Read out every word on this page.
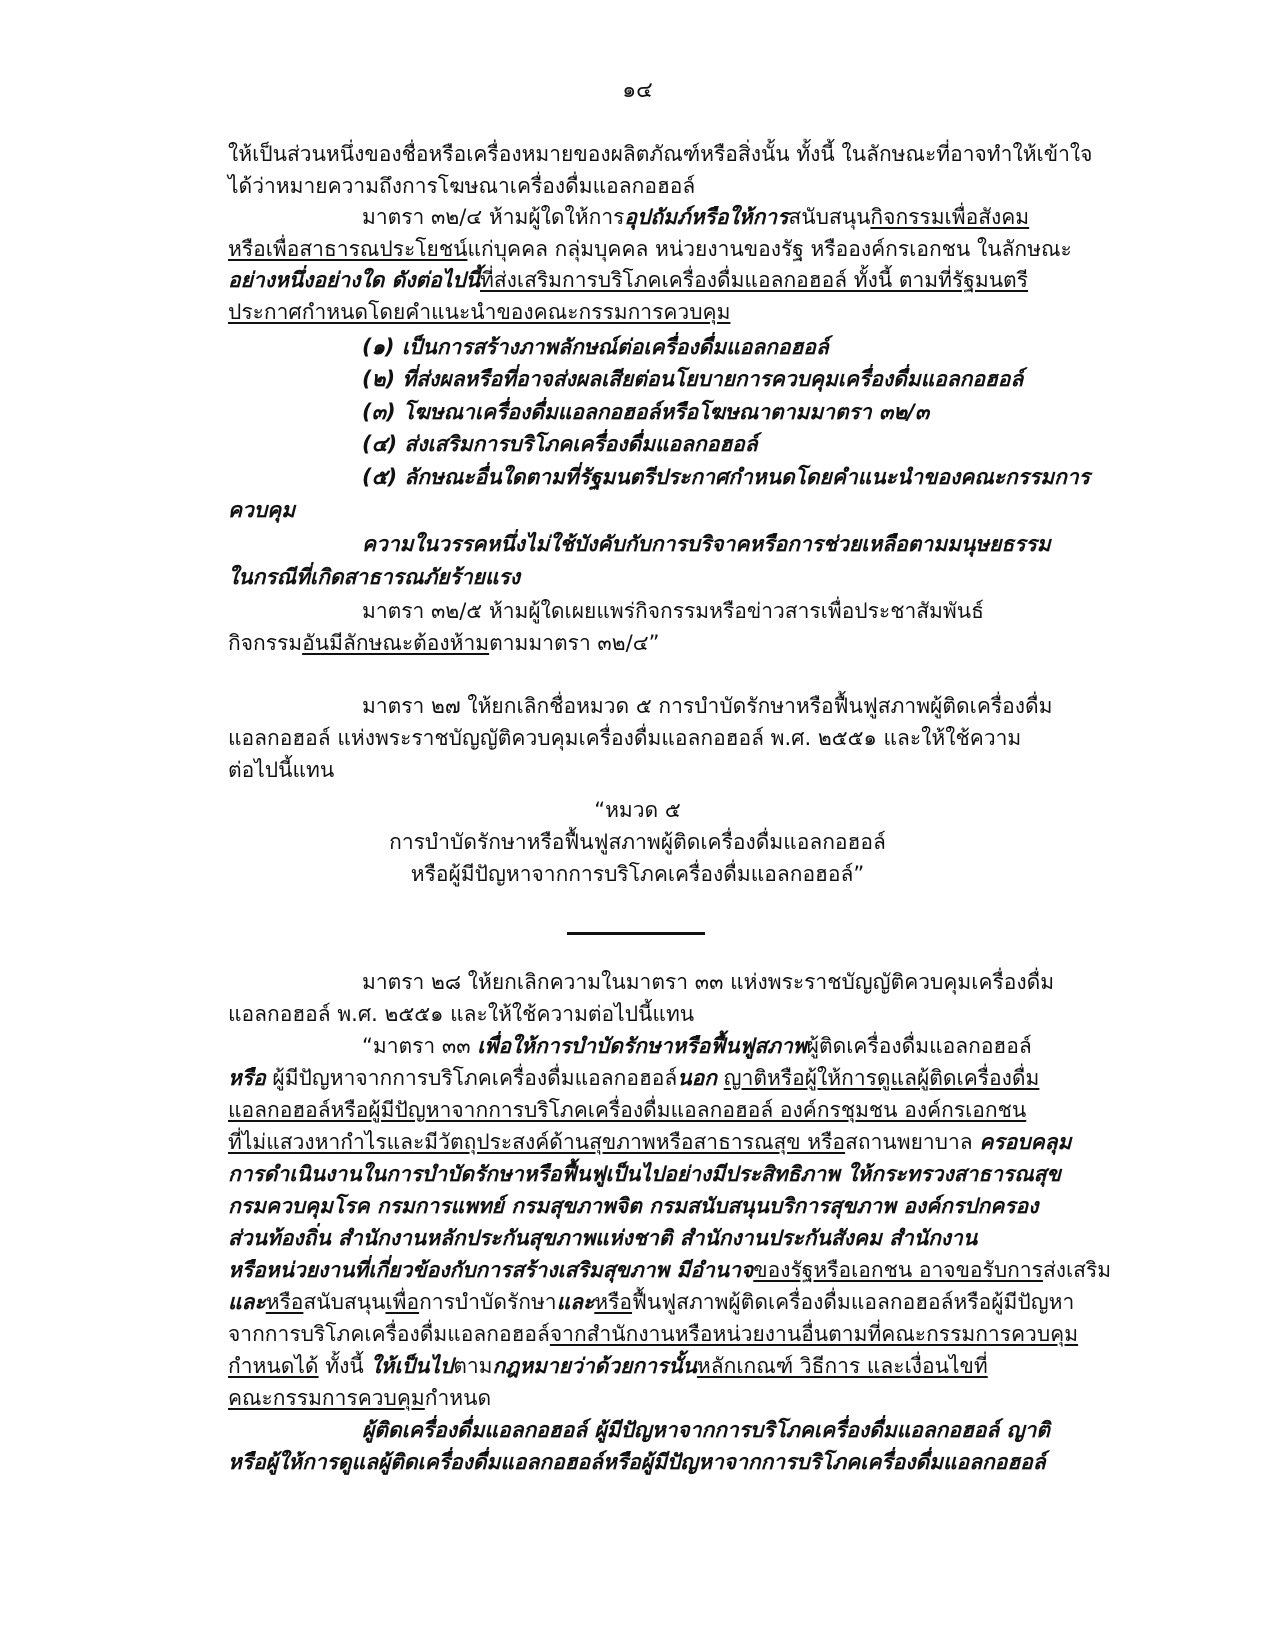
๑๔
ให้เป็นส่วนหนึ่งของชื่อหรือเครื่องหมายของผลิตภัณฑ์หรือสิ่งนั้น ทั้งนี้ ในลักษณะที่อาจทำให้เข้าใจ
ได้ว่าหมายความถึงการโฆษณาเครื่องดื่มแอลกอฮอล์
มาตรา ๓๒/๔ ห้ามผู้ใดให้การอุปถัมภ์หรือให้การสนับสนุนกิจกรรมเพื่อสังคม
หรือเพื่อสาธารณประโยชน์แก่บุคคล กลุ่มบุคคล หน่วยงานของรัฐ หรือองค์กรเอกชน ในลักษณะ
อย่างหนึ่งอย่างใด ดังต่อไปนี้ที่ส่งเสริมการบริโภคเครื่องดื่มแอลกอฮอล์ ทั้งนี้ ตามที่รัฐมนตรี
ประกาศกำหนดโดยคำแนะนำของคณะกรรมการควบคุม
(๑) เป็นการสร้างภาพลักษณ์ต่อเครื่องดื่มแอลกอฮอล์
(๒) ที่ส่งผลหรือที่อาจส่งผลเสียต่อนโยบายการควบคุมเครื่องดื่มแอลกอฮอล์
(๓) โฆษณาเครื่องดื่มแอลกอฮอล์หรือโฆษณาตามมาตรา ๓๒/๓
(๔) ส่งเสริมการบริโภคเครื่องดื่มแอลกอฮอล์
(๕) ลักษณะอื่นใดตามที่รัฐมนตรีประกาศกำหนดโดยคำแนะนำของคณะกรรมการ
ควบคุม
ความในวรรคหนึ่งไม่ใช้บังคับกับการบริจาคหรือการช่วยเหลือตามมนุษยธรรม
ในกรณีที่เกิดสาธารณภัยร้ายแรง
มาตรา ๓๒/๕ ห้ามผู้ใดเผยแพร่กิจกรรมหรือข่าวสารเพื่อประชาสัมพันธ์
กิจกรรมอันมีลักษณะต้องห้ามตามมาตรา ๓๒/๔”
มาตรา ๒๗ ให้ยกเลิกชื่อหมวด ๕ การบำบัดรักษาหรือฟื้นฟูสภาพผู้ติดเครื่องดื่ม
แอลกอฮอล์ แห่งพระราชบัญญัติควบคุมเครื่องดื่มแอลกอฮอล์ พ.ศ. ๒๕๕๑ และให้ใช้ความ
ต่อไปนี้แทน
“หมวด ๕
การบำบัดรักษาหรือฟื้นฟูสภาพผู้ติดเครื่องดื่มแอลกอฮอล์
หรือผู้มีปัญหาจากการบริโภคเครื่องดื่มแอลกอฮอล์”
มาตรา ๒๘ ให้ยกเลิกความในมาตรา ๓๓ แห่งพระราชบัญญัติควบคุมเครื่องดื่ม
แอลกอฮอล์ พ.ศ. ๒๕๕๑ และให้ใช้ความต่อไปนี้แทน
“มาตรา ๓๓ เพื่อให้การบำบัดรักษาหรือฟื้นฟูสภาพผู้ติดเครื่องดื่มแอลกอฮอล์
หรือ ผู้มีปัญหาจากการบริโภคเครื่องดื่มแอลกอฮอล์นอก ญาติหรือผู้ให้การดูแลผู้ติดเครื่องดื่ม
แอลกอฮอล์หรือผู้มีปัญหาจากการบริโภคเครื่องดื่มแอลกอฮอล์ องค์กรชุมชน องค์กรเอกชน
ที่ไม่แสวงหากำไรและมีวัตถุประสงค์ด้านสุขภาพหรือสาธารณสุข หรือสถานพยาบาล ครอบคลุม
การดำเนินงานในการบำบัดรักษาหรือฟื้นฟูเป็นไปอย่างมีประสิทธิภาพ ให้กระทรวงสาธารณสุข
กรมควบคุมโรค กรมการแพทย์ กรมสุขภาพจิต กรมสนับสนุนบริการสุขภาพ องค์กรปกครอง
ส่วนท้องถิ่น สำนักงานหลักประกันสุขภาพแห่งชาติ สำนักงานประกันสังคม สำนักงาน
หรือหน่วยงานที่เกี่ยวข้องกับการสร้างเสริมสุขภาพ มีอำนาจของรัฐหรือเอกชน อาจขอรับการส่งเสริม
และหรือสนับสนุนเพื่อการบำบัดรักษาและหรือฟื้นฟูสภาพผู้ติดเครื่องดื่มแอลกอฮอล์หรือผู้มีปัญหา
จากการบริโภคเครื่องดื่มแอลกอฮอล์จากสำนักงานหรือหน่วยงานอื่นตามที่คณะกรรมการควบคุม
กำหนดได้ ทั้งนี้ ให้เป็นไปตามกฎหมายว่าด้วยการนั้นหลักเกณฑ์ วิธีการ และเงื่อนไขที่
คณะกรรมการควบคุมกำหนด
ผู้ติดเครื่องดื่มแอลกอฮอล์ ผู้มีปัญหาจากการบริโภคเครื่องดื่มแอลกอฮอล์ ญาติ
หรือผู้ให้การดูแลผู้ติดเครื่องดื่มแอลกอฮอล์หรือผู้มีปัญหาจากการบริโภคเครื่องดื่มแอลกอฮอล์
